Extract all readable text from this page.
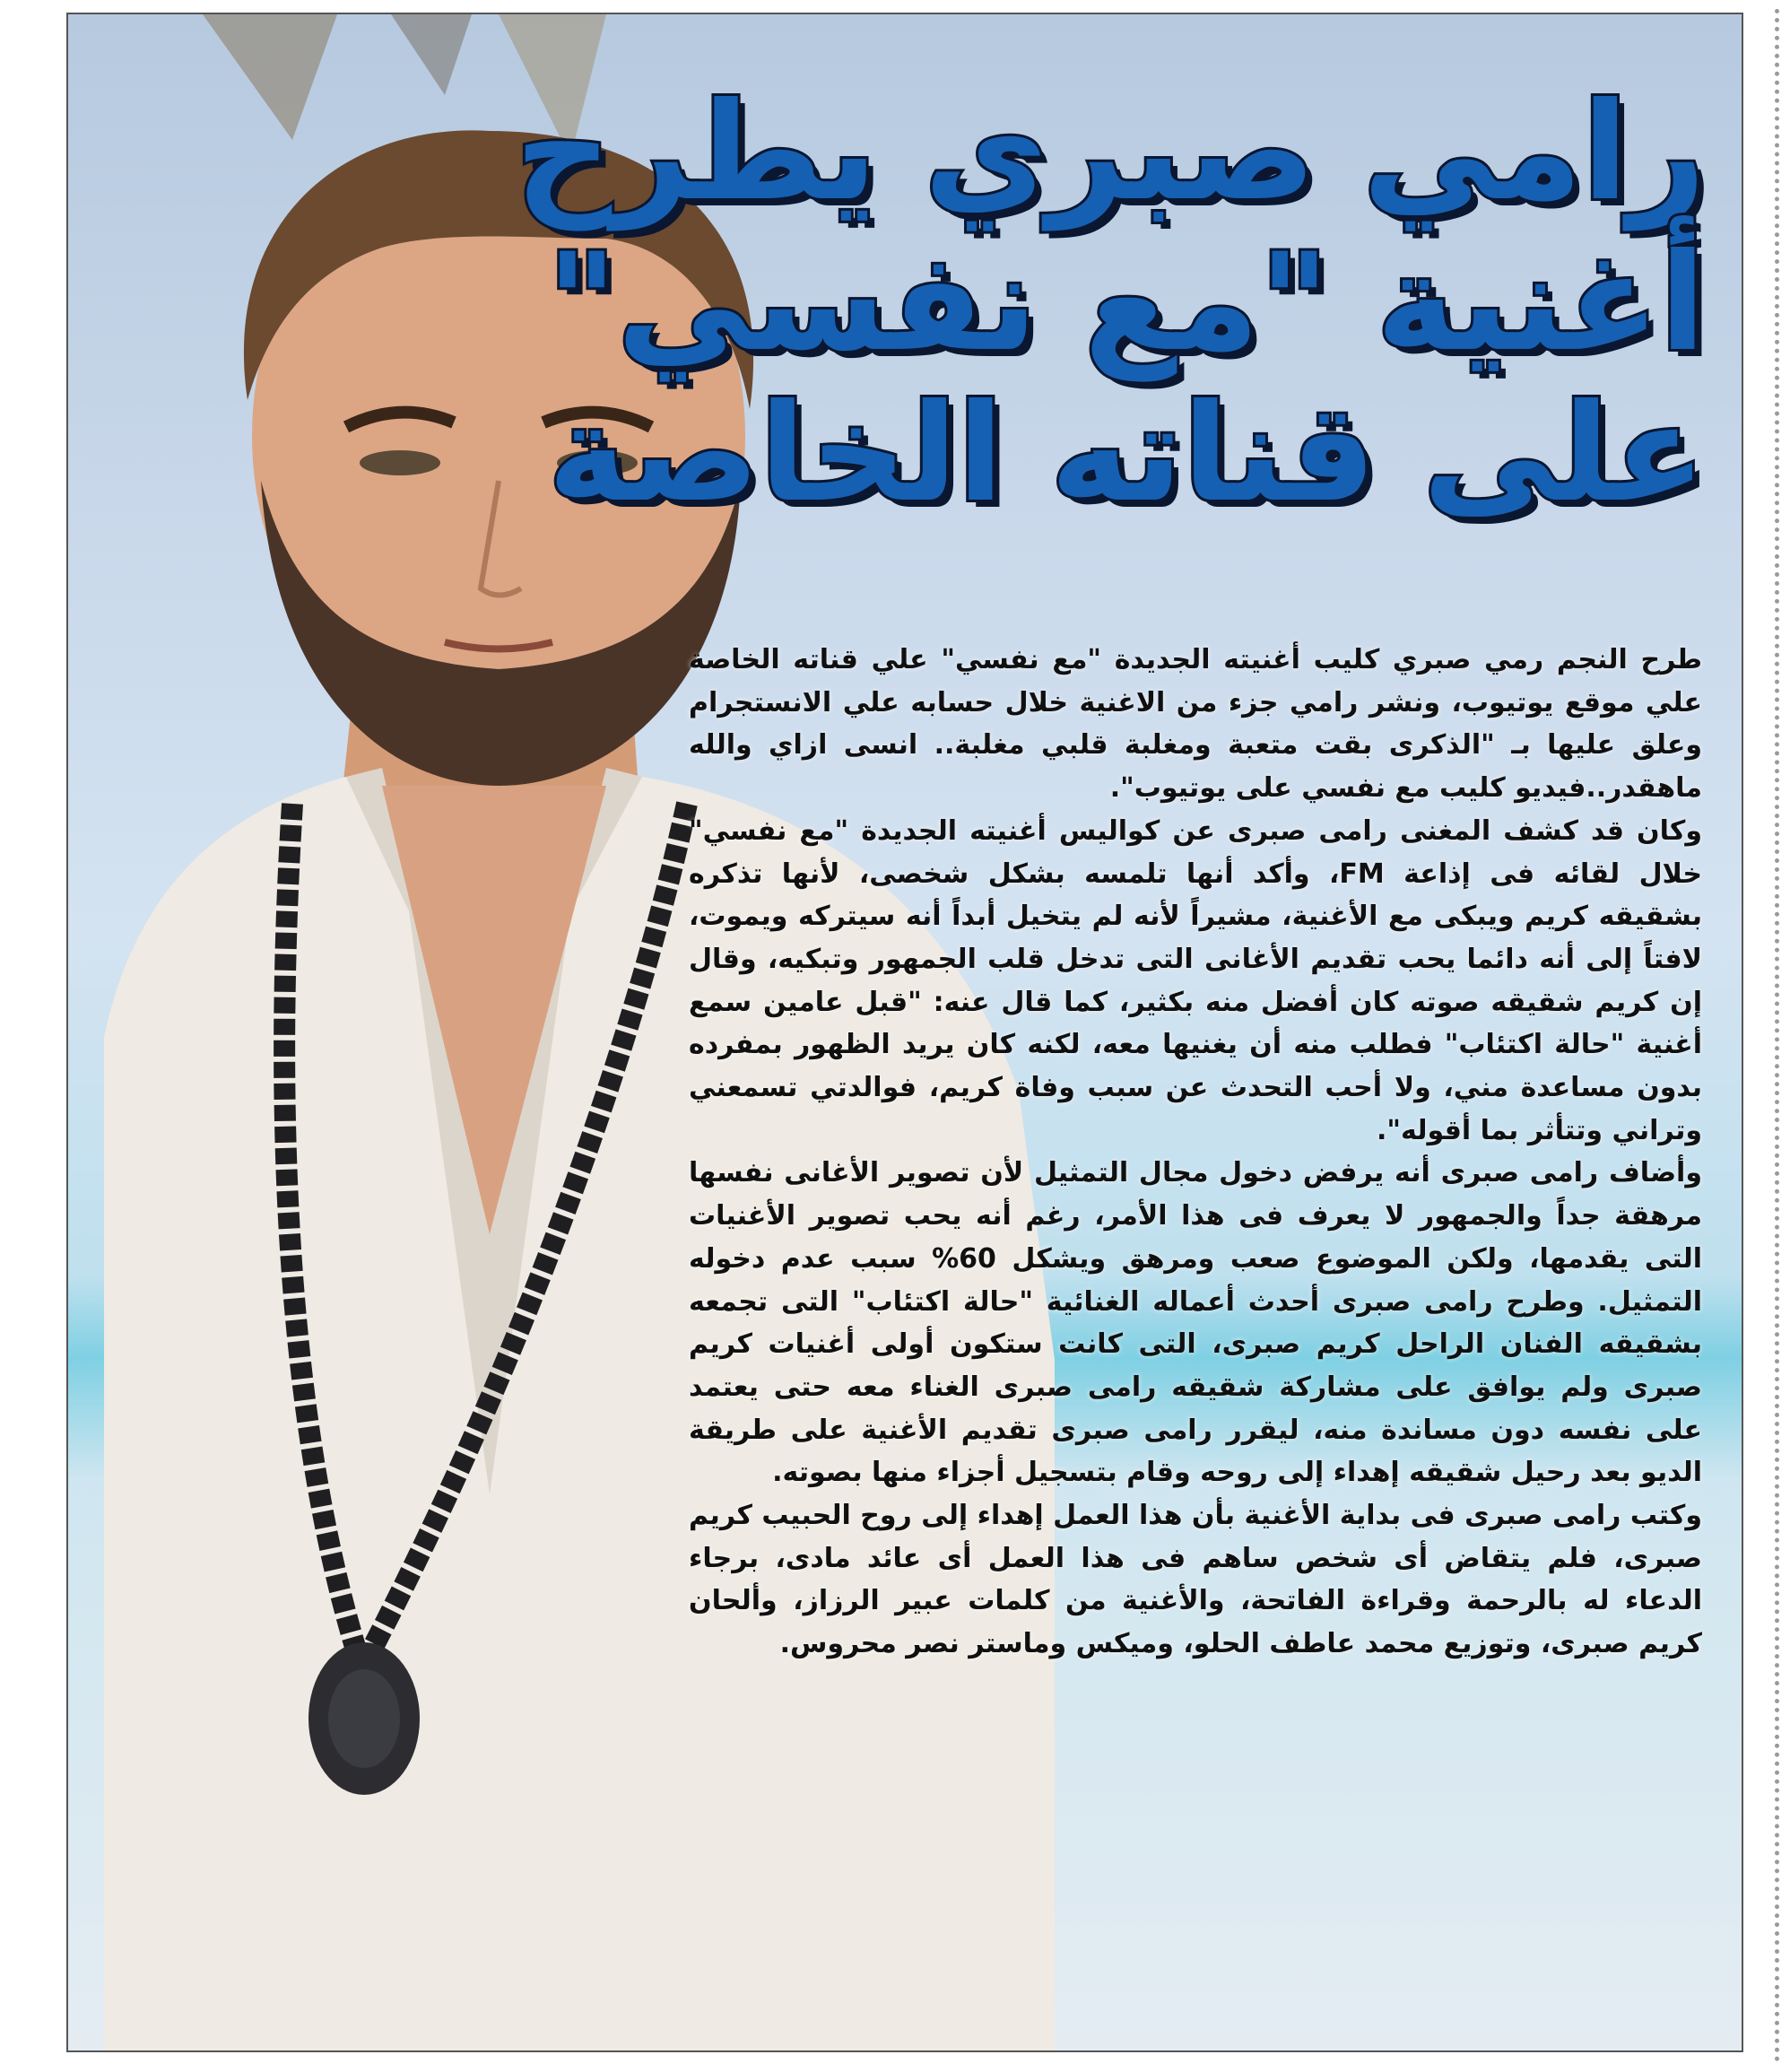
رامي صبري يطرح
أغنية "مع نفسي"
على قناته الخاصة

طرح النجم رمي صبري كليب أغنيته الجديدة "مع نفسي" علي قناته الخاصة علي موقع يوتيوب، ونشر رامي جزء من الاغنية خلال حسابه علي الانستجرام وعلق عليها بـ "الذكرى بقت متعبة ومغلبة قلبي مغلبة.. انسى ازاي والله ماهقدر..فيديو كليب مع نفسي على يوتيوب".

وكان قد كشف المغنى رامى صبرى عن كواليس أغنيته الجديدة "مع نفسي" خلال لقائه فى إذاعة FM، وأكد أنها تلمسه بشكل شخصى، لأنها تذكره بشقيقه كريم ويبكى مع الأغنية، مشيراً لأنه لم يتخيل أبداً أنه سيتركه ويموت، لافتاً إلى أنه دائما يحب تقديم الأغانى التى تدخل قلب الجمهور وتبكيه، وقال إن كريم شقيقه صوته كان أفضل منه بكثير، كما قال عنه: "قبل عامين سمع أغنية "حالة اكتئاب" فطلب منه أن يغنيها معه، لكنه كان يريد الظهور بمفرده بدون مساعدة مني، ولا أحب التحدث عن سبب وفاة كريم، فوالدتي تسمعني وتراني وتتأثر بما أقوله".

وأضاف رامى صبرى أنه يرفض دخول مجال التمثيل لأن تصوير الأغانى نفسها مرهقة جداً والجمهور لا يعرف فى هذا الأمر، رغم أنه يحب تصوير الأغنيات التى يقدمها، ولكن الموضوع صعب ومرهق ويشكل 60% سبب عدم دخوله التمثيل. وطرح رامى صبرى أحدث أعماله الغنائية "حالة اكتئاب" التى تجمعه بشقيقه الفنان الراحل كريم صبرى، التى كانت ستكون أولى أغنيات كريم صبرى ولم يوافق على مشاركة شقيقه رامى صبرى الغناء معه حتى يعتمد على نفسه دون مساندة منه، ليقرر رامى صبرى تقديم الأغنية على طريقة الديو بعد رحيل شقيقه إهداء إلى روحه وقام بتسجيل أجزاء منها بصوته.

وكتب رامى صبرى فى بداية الأغنية بأن هذا العمل إهداء إلى روح الحبيب كريم صبرى، فلم يتقاض أى شخص ساهم فى هذا العمل أى عائد مادى، برجاء الدعاء له بالرحمة وقراءة الفاتحة، والأغنية من كلمات عبير الرزاز، وألحان كريم صبرى، وتوزيع محمد عاطف الحلو، وميكس وماستر نصر محروس.
